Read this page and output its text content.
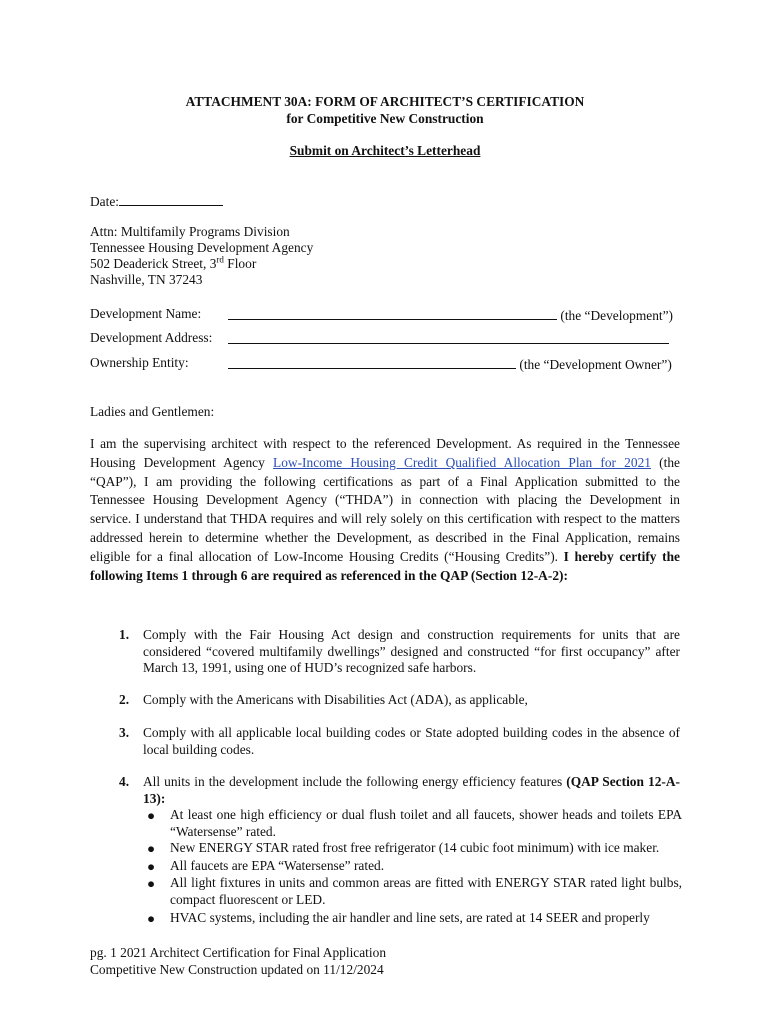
ATTACHMENT 30A: FORM OF ARCHITECT’S CERTIFICATION
for Competitive New Construction
Submit on Architect’s Letterhead
Date:
Attn: Multifamily Programs Division
Tennessee Housing Development Agency
502 Deaderick Street, 3rd Floor
Nashville, TN 37243
Development Name:	(the “Development”)
Development Address:
Ownership Entity:	(the “Development Owner”)
Ladies and Gentlemen:
I am the supervising architect with respect to the referenced Development. As required in the Tennessee
Housing Development Agency Low-Income Housing Credit Qualified Allocation Plan for 2021 (the
“QAP”), I am providing the following certifications as part of a Final Application submitted to the
Tennessee Housing Development Agency (“THDA”) in connection with placing the Development in
service. I understand that THDA requires and will rely solely on this certification with respect to the matters
addressed herein to determine whether the Development, as described in the Final Application, remains
eligible for a final allocation of Low-Income Housing Credits (“Housing Credits”). I hereby certify the
following Items 1 through 6 are required as referenced in the QAP (Section 12-A-2):
1. Comply with the Fair Housing Act design and construction requirements for units that are considered “covered multifamily dwellings” designed and constructed “for first occupancy” after March 13, 1991, using one of HUD’s recognized safe harbors.
2. Comply with the Americans with Disabilities Act (ADA), as applicable,
3. Comply with all applicable local building codes or State adopted building codes in the absence of local building codes.
4. All units in the development include the following energy efficiency features (QAP Section 12-A-13):
● At least one high efficiency or dual flush toilet and all faucets, shower heads and toilets EPA “Watersense” rated.
● New ENERGY STAR rated frost free refrigerator (14 cubic foot minimum) with ice maker.
● All faucets are EPA “Watersense” rated.
● All light fixtures in units and common areas are fitted with ENERGY STAR rated light bulbs, compact fluorescent or LED.
● HVAC systems, including the air handler and line sets, are rated at 14 SEER and properly
pg. 1 2021 Architect Certification for Final Application
Competitive New Construction updated on 11/12/2024
